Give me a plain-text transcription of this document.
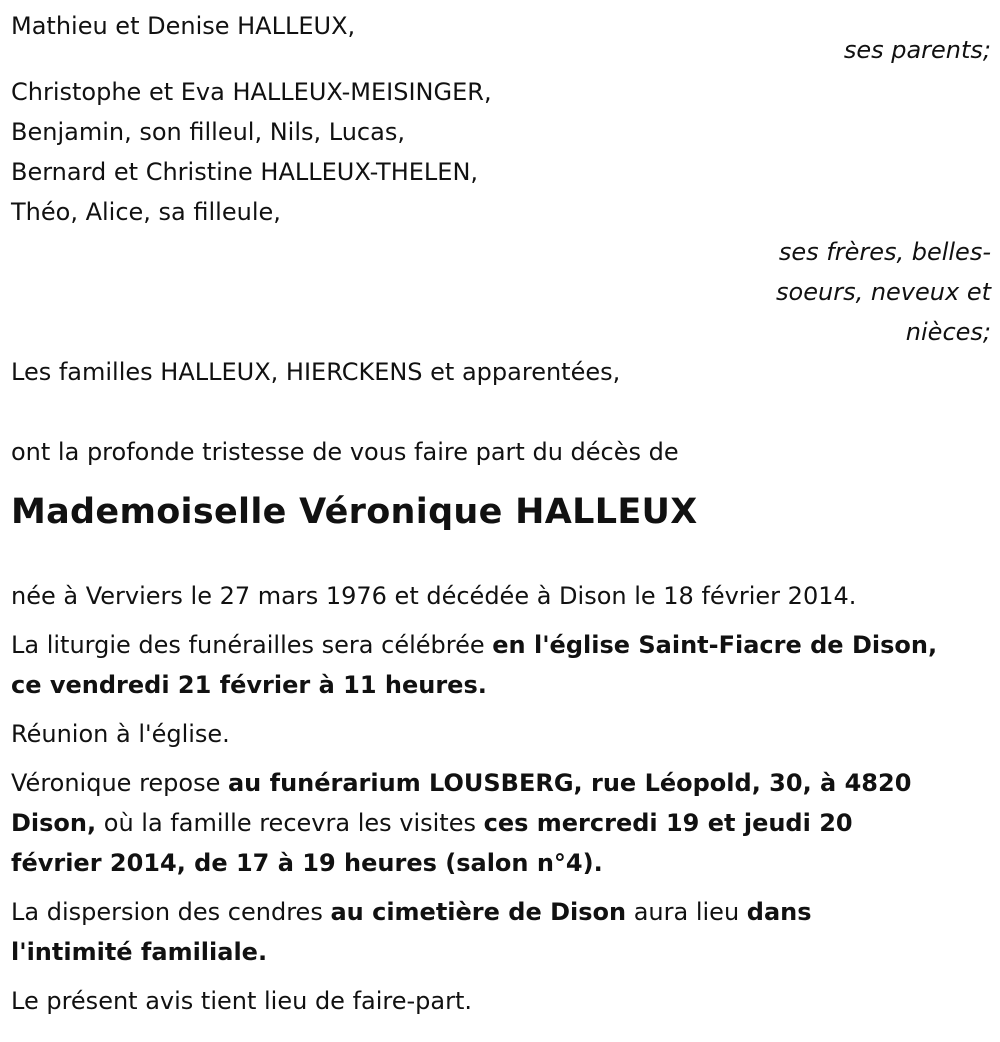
Mathieu et Denise HALLEUX,
ses parents;
Christophe et Eva HALLEUX-MEISINGER,
Benjamin, son filleul, Nils, Lucas,
Bernard et Christine HALLEUX-THELEN,
Théo, Alice, sa filleule,
ses frères, belles-
soeurs, neveux et
nièces;
Les familles HALLEUX, HIERCKENS et apparentées,
ont la profonde tristesse de vous faire part du décès de
Mademoiselle Véronique HALLEUX
née à Verviers le 27 mars 1976 et décédée à Dison le 18 février 2014.
La liturgie des funérailles sera célébrée en l'église Saint-Fiacre de Dison,
ce vendredi 21 février à 11 heures.
Réunion à l'église.
Véronique repose au funérarium LOUSBERG, rue Léopold, 30, à 4820
Dison, où la famille recevra les visites ces mercredi 19 et jeudi 20
février 2014, de 17 à 19 heures (salon n°4).
La dispersion des cendres au cimetière de Dison aura lieu dans
l'intimité familiale.
Le présent avis tient lieu de faire-part.
